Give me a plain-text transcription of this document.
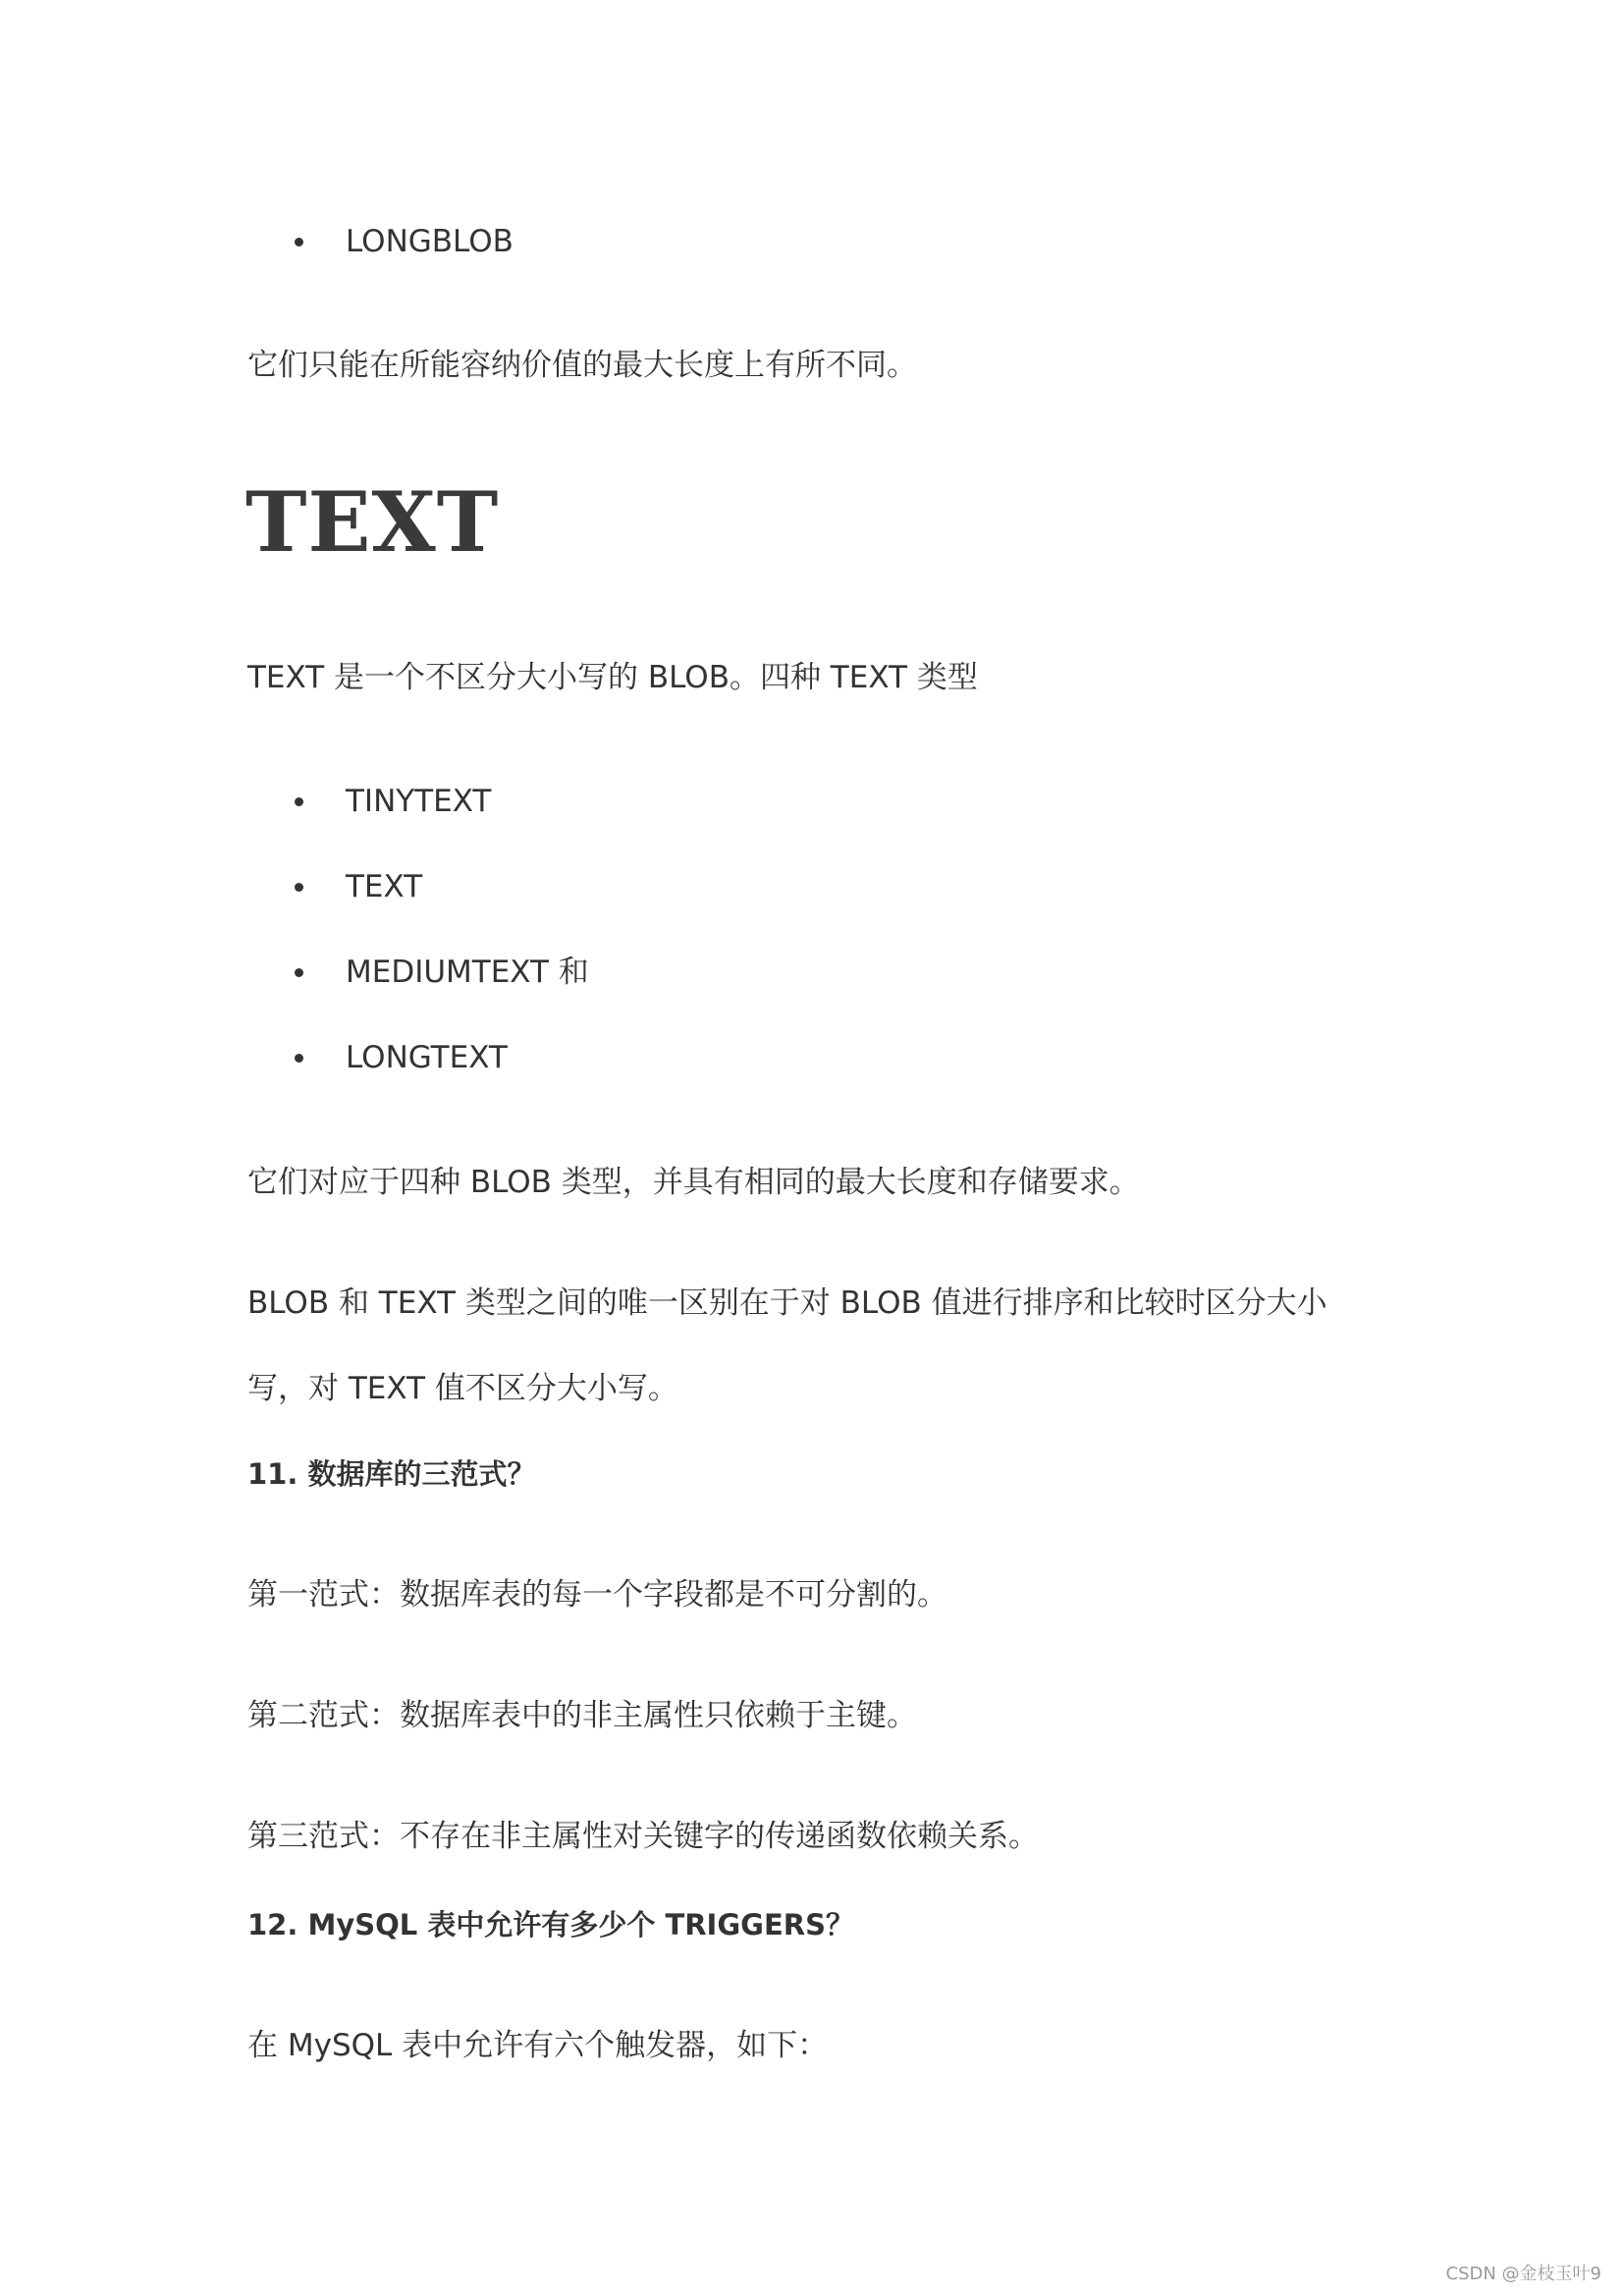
LONGBLOB

它们只能在所能容纳价值的最大长度上有所不同。

TEXT

TEXT 是一个不区分大小写的 BLOB。四种 TEXT 类型

TINYTEXT
TEXT
MEDIUMTEXT 和
LONGTEXT

它们对应于四种 BLOB 类型，并具有相同的最大长度和存储要求。

BLOB 和 TEXT 类型之间的唯一区别在于对 BLOB 值进行排序和比较时区分大小

写，对 TEXT 值不区分大小写。

11. 数据库的三范式？

第一范式：数据库表的每一个字段都是不可分割的。

第二范式：数据库表中的非主属性只依赖于主键。

第三范式：不存在非主属性对关键字的传递函数依赖关系。

12. MySQL 表中允许有多少个 TRIGGERS？

在 MySQL 表中允许有六个触发器，如下：

CSDN @金枝玉叶9
